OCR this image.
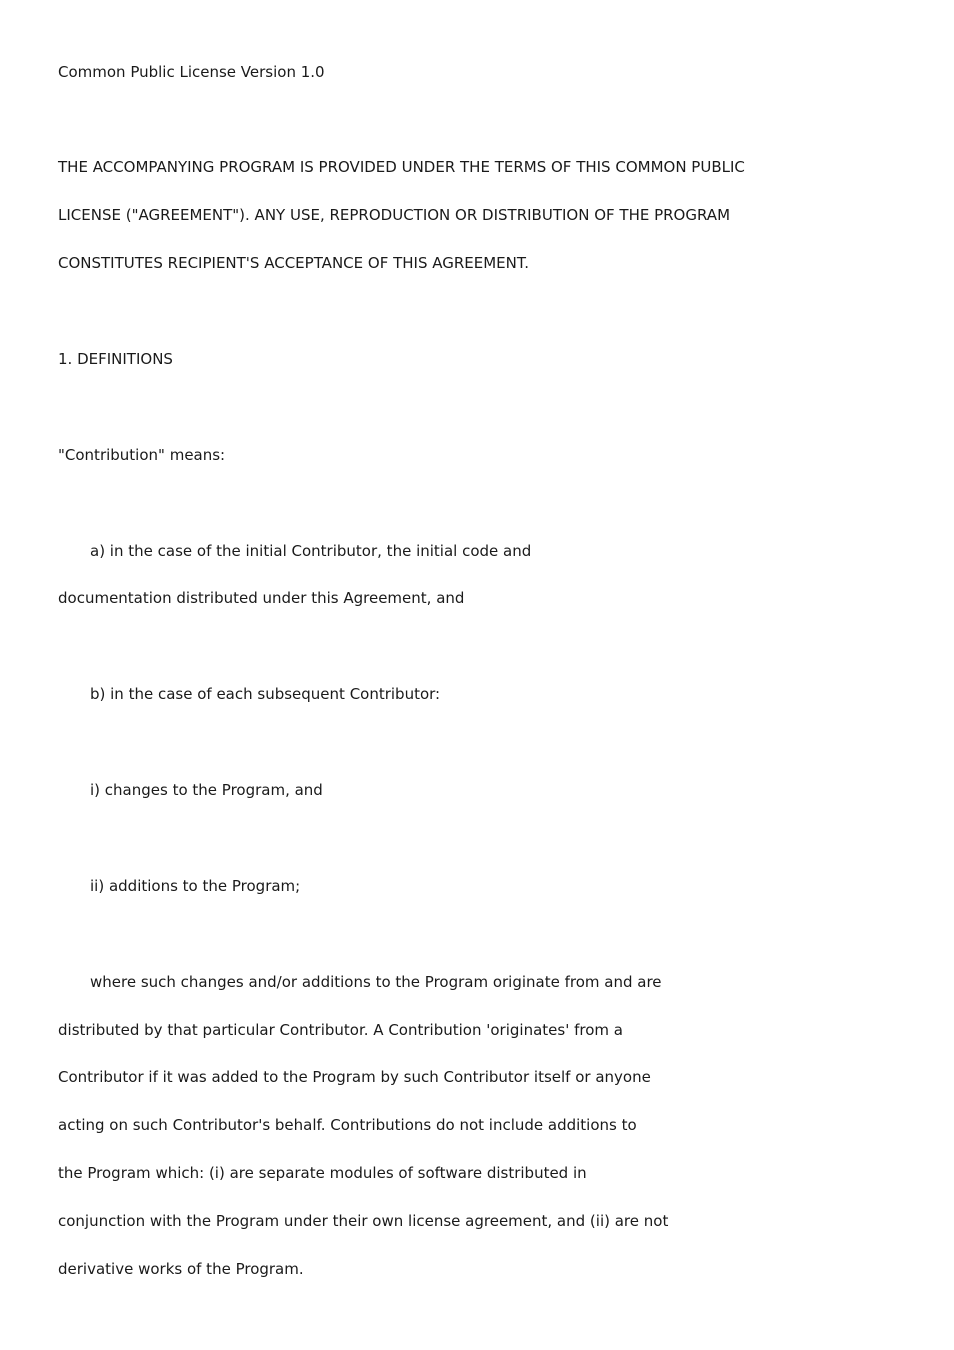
Common Public License Version 1.0
THE ACCOMPANYING PROGRAM IS PROVIDED UNDER THE TERMS OF THIS COMMON PUBLIC
LICENSE ("AGREEMENT"). ANY USE, REPRODUCTION OR DISTRIBUTION OF THE PROGRAM
CONSTITUTES RECIPIENT'S ACCEPTANCE OF THIS AGREEMENT.
1. DEFINITIONS
"Contribution" means:
a) in the case of the initial Contributor, the initial code and
documentation distributed under this Agreement, and
b) in the case of each subsequent Contributor:
i) changes to the Program, and
ii) additions to the Program;
where such changes and/or additions to the Program originate from and are
distributed by that particular Contributor. A Contribution 'originates' from a
Contributor if it was added to the Program by such Contributor itself or anyone
acting on such Contributor's behalf. Contributions do not include additions to
the Program which: (i) are separate modules of software distributed in
conjunction with the Program under their own license agreement, and (ii) are not
derivative works of the Program.
